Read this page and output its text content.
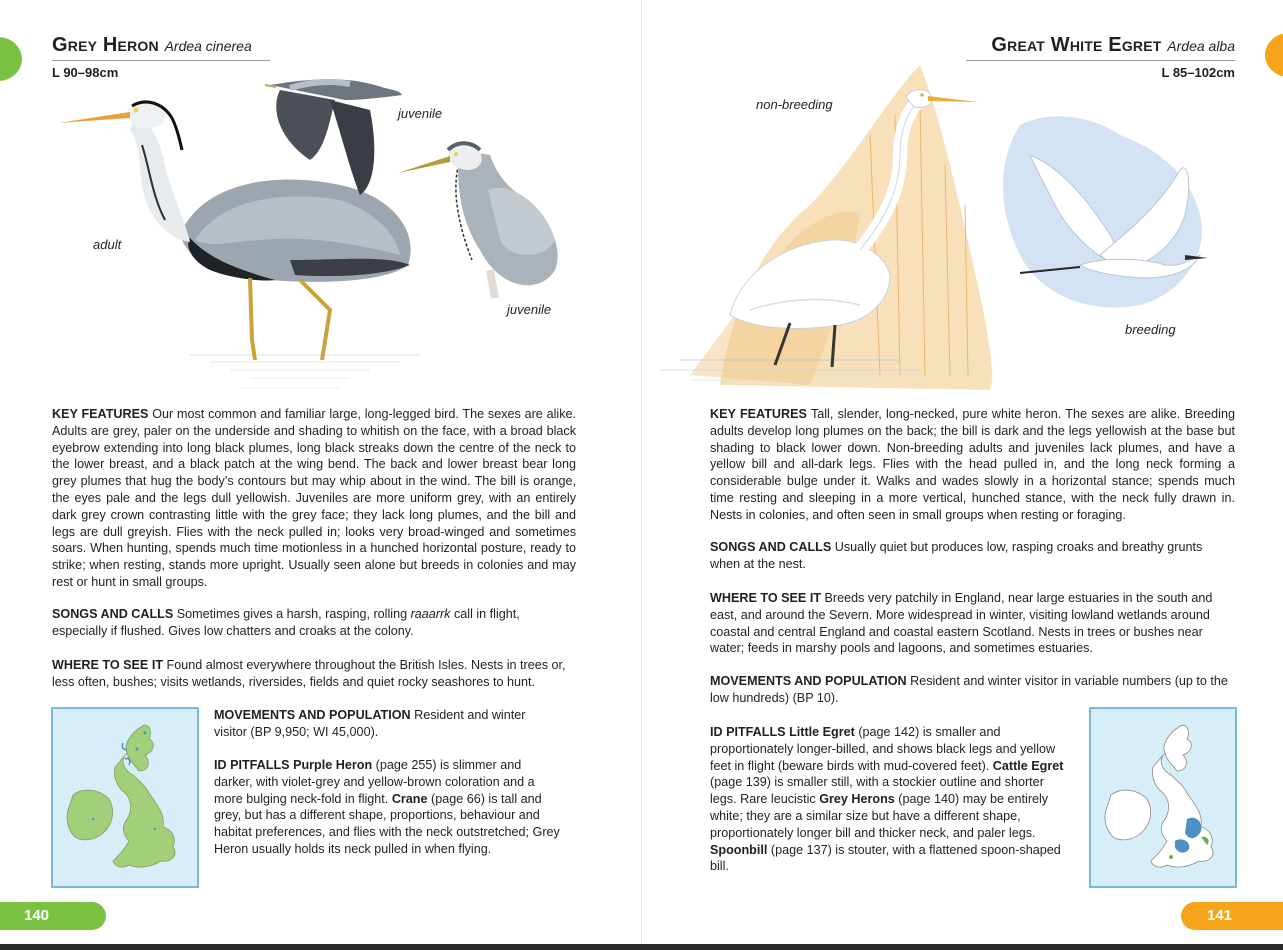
Grey Heron Ardea cinerea
L 90–98cm
juvenile
adult
juvenile
KEY FEATURES Our most common and familiar large, long-legged bird. The sexes are alike. Adults are grey, paler on the underside and shading to whitish on the face, with a broad black eyebrow extending into long black plumes, long black streaks down the centre of the neck to the lower breast, and a black patch at the wing bend. The back and lower breast bear long grey plumes that hug the body’s contours but may whip about in the wind. The bill is orange, the eyes pale and the legs dull yellowish. Juveniles are more uniform grey, with an entirely dark grey crown contrasting little with the grey face; they lack long plumes, and the bill and legs are dull greyish. Flies with the neck pulled in; looks very broad-winged and sometimes soars. When hunting, spends much time motionless in a hunched horizontal posture, ready to strike; when resting, stands more upright. Usually seen alone but breeds in colonies and may rest or hunt in small groups.
SONGS AND CALLS Sometimes gives a harsh, rasping, rolling raaarrk call in flight, especially if flushed. Gives low chatters and croaks at the colony.
WHERE TO SEE IT Found almost everywhere throughout the British Isles. Nests in trees or, less often, bushes; visits wetlands, riversides, fields and quiet rocky seashores to hunt.
MOVEMENTS AND POPULATION Resident and winter visitor (BP 9,950; WI 45,000).
ID PITFALLS Purple Heron (page 255) is slimmer and darker, with violet-grey and yellow-brown coloration and a more bulging neck-fold in flight. Crane (page 66) is tall and grey, but has a different shape, proportions, behaviour and habitat preferences, and flies with the neck outstretched; Grey Heron usually holds its neck pulled in when flying.
140
Great White Egret Ardea alba
L 85–102cm
non-breeding
breeding
KEY FEATURES Tall, slender, long-necked, pure white heron. The sexes are alike. Breeding adults develop long plumes on the back; the bill is dark and the legs yellowish at the base but shading to black lower down. Non-breeding adults and juveniles lack plumes, and have a yellow bill and all-dark legs. Flies with the head pulled in, and the long neck forming a considerable bulge under it. Walks and wades slowly in a horizontal stance; spends much time resting and sleeping in a more vertical, hunched stance, with the neck fully drawn in. Nests in colonies, and often seen in small groups when resting or foraging.
SONGS AND CALLS Usually quiet but produces low, rasping croaks and breathy grunts when at the nest.
WHERE TO SEE IT Breeds very patchily in England, near large estuaries in the south and east, and around the Severn. More widespread in winter, visiting lowland wetlands around coastal and central England and coastal eastern Scotland. Nests in trees or bushes near water; feeds in marshy pools and lagoons, and sometimes estuaries.
MOVEMENTS AND POPULATION Resident and winter visitor in variable numbers (up to the low hundreds) (BP 10).
ID PITFALLS Little Egret (page 142) is smaller and proportionately longer-billed, and shows black legs and yellow feet in flight (beware birds with mud-covered feet). Cattle Egret (page 139) is smaller still, with a stockier outline and shorter legs. Rare leucistic Grey Herons (page 140) may be entirely white; they are a similar size but have a different shape, proportionately longer bill and thicker neck, and paler legs. Spoonbill (page 137) is stouter, with a flattened spoon-shaped bill.
141
